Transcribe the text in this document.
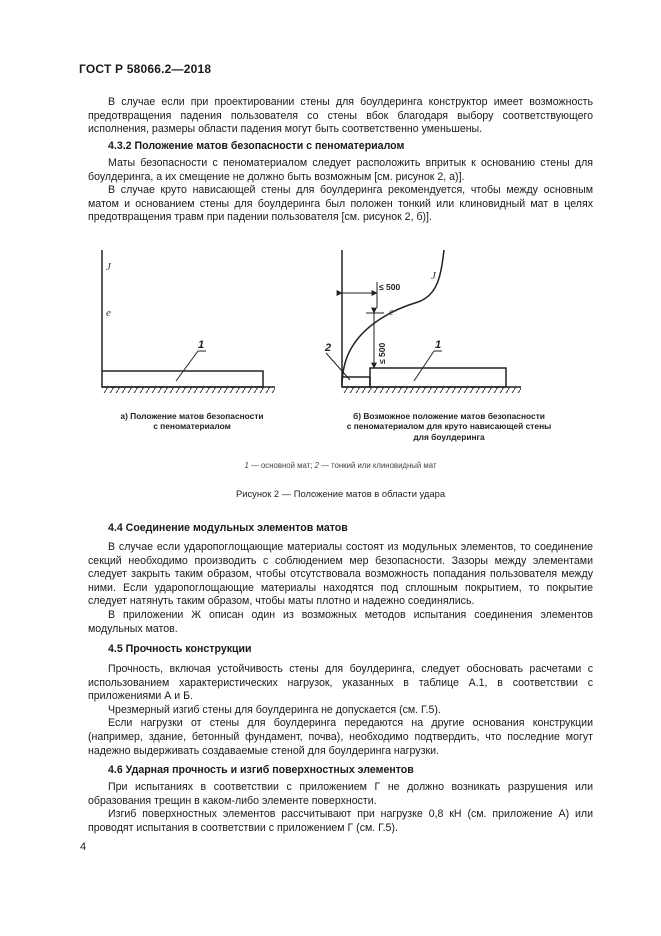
ГОСТ Р 58066.2—2018

В случае если при проектировании стены для боулдеринга конструктор имеет возможность предотвращения падения пользователя со стены вбок благодаря выбору соответствующего исполнения, размеры области падения могут быть соответственно уменьшены.

4.3.2 Положение матов безопасности с пеноматериалом

Маты безопасности с пеноматериалом следует расположить впритык к основанию стены для боулдеринга, а их смещение не должно быть возможным [см. рисунок 2, а)].

В случае круто нависающей стены для боулдеринга рекомендуется, чтобы между основным матом и основанием стены для боулдеринга был положен тонкий или клиновидный мат в целях предотвращения травм при падении пользователя [см. рисунок 2, б)].

J
e
1
J
e
≤ 500
≤ 500
2	1
а) Положение матов безопасности
с пеноматериалом
б) Возможное положение матов безопасности
с пеноматериалом для круто нависающей стены
для боулдеринга
1 — основной мат; 2 — тонкий или клиновидный мат
Рисунок 2 — Положение матов в области удара
4.4 Соединение модульных элементов матов

В случае если удaропоглощающие материалы состоят из модульных элементов, то соединение секций необходимо производить с соблюдением мер безопасности. Зазоры между элементами следует закрыть таким образом, чтобы отсутствовала возможность попадания пользователя между ними. Если удaропоглощающие материалы находятся под сплошным покрытием, то покрытие следует натянуть таким образом, чтобы маты плотно и надежно соединялись.

В приложении Ж описан один из возможных методов испытания соединения элементов модульных матов.

4.5 Прочность конструкции

Прочность, включая устойчивость стены для боулдеринга, следует обосновать расчетами с использованием характеристических нагрузок, указанных в таблице А.1, в соответствии с приложениями А и Б.

Чрезмерный изгиб стены для боулдеринга не допускается (см. Г.5).

Если нагрузки от стены для боулдеринга передаются на другие основания конструкции (например, здание, бетонный фундамент, почва), необходимо подтвердить, что последние могут надежно выдерживать создаваемые стеной для боулдеринга нагрузки.

4.6 Ударная прочность и изгиб поверхностных элементов

При испытаниях в соответствии с приложением Г не должно возникать разрушения или образования трещин в каком-либо элементе поверхности.

Изгиб поверхностных элементов рассчитывают при нагрузке 0,8 кН (см. приложение А) или проводят испытания в соответствии с приложением Г (см. Г.5).

4
